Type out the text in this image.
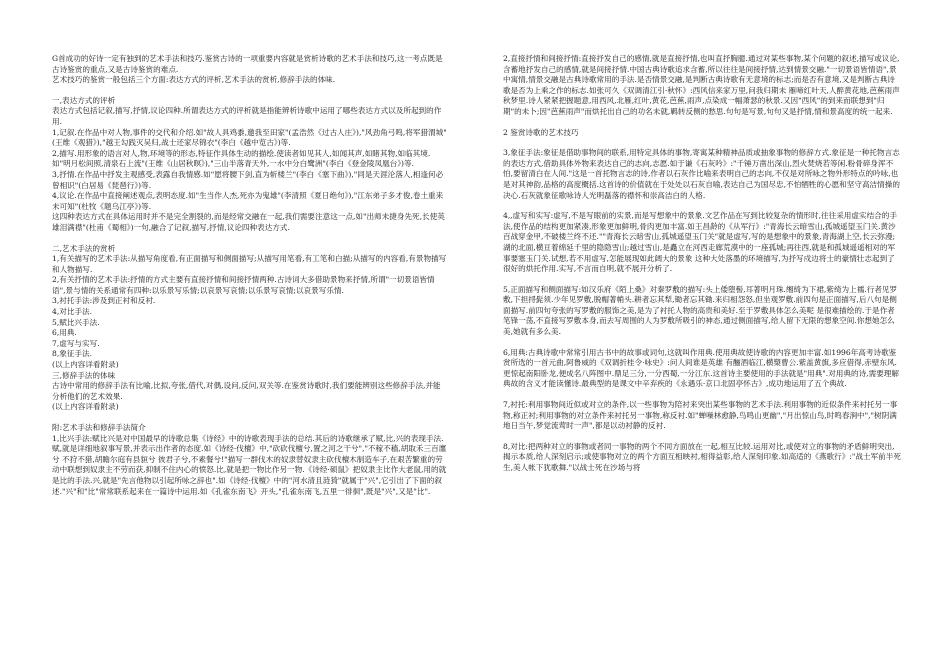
G首成功的好诗一定有独到的艺术手法和技巧.鉴赏古诗的一项重要内容就是赏析诗歌的艺术手法和技巧,这一考点既是古诗鉴赏的重点,又是古诗鉴赏的难点.
艺术技巧的鉴赏一般包括三个方面:表达方式的评析,艺术手法的赏析,修辞手法的体味.

一,表达方式的评析
表达方式包括记叙,描写,抒情,议论四种.所谓表达方式的评析就是指能辨析诗歌中运用了哪些表达方式以及所起到的作用.

1,记叙.在作品中对人物,事件的交代和介绍.如"故人具鸡黍,邀我至田家"(孟浩然《过古人庄》),"风劲角弓鸣,将军猎渭城"(王维《观猎》),"越王勾践灭吴归,战士还家尽锦衣"(李白《越中览古》)等.

2,描写.用形象的语言对人,物,环境等的形态,特征作具体生动的描绘.使读者如见其人,如闻其声,如睹其物,如临其境.如"明月松间照,清泉石上流"(王维《山居秋暝》),"三山半落青天外,一水中分白鹭洲"(李白《登金陵凤凰台》)等.

3,抒情.在作品中抒发主观感受,表露自我情感.如"愿将腰下剑,直为斩楼兰"(李白《塞下曲》),"同是天涯沦落人,相逢何必曾相识"(白居易《琵琶行》)等.

4,议论.在作品中直接阐述观点,表明态度.如"生当作人杰,死亦为鬼雄"(李清照《夏日绝句》),"江东弟子多才俊,卷土重来未可知"(杜牧《题乌江亭》)等.

这四种表达方式在具体运用时并不是完全割裂的,而是经常交融在一起,我们需要注意这一点,如"出师未捷身先死,长使英雄泪满襟"(杜甫《蜀相》)一句,融合了记叙,描写,抒情,议论四种表达方式.

二,艺术手法的赏析
1,有关描写的艺术手法:从描写角度看,有正面描写和侧面描写;从描写用笔看,有工笔和白描;从描写的内容看,有景物描写和人物描写.
2,有关抒情的艺术手法:抒情的方式主要有直接抒情和间接抒情两种.古诗词大多借助景物来抒情,所谓"一切景语皆情语",景与情的关系通常有四种:以乐景写乐情;以哀景写哀情;以乐景写哀情;以哀景写乐情.
3,衬托手法:涉及到正衬和反衬.
4,对比手法.
5,赋比兴手法.
6,用典.
7,虚写与实写.
8,象征手法.
(以上内容详看附录)
三,修辞手法的体味
古诗中常用的修辞手法有比喻,比拟,夸张,借代,对偶,设问,反问,双关等.在鉴赏诗歌时,我们要能辨别这些修辞手法,并能分析他们的艺术效果.
(以上内容详看附录)

附:艺术手法和修辞手法简介
1,比兴手法:赋比兴是对中国最早的诗歌总集《诗经》中的诗歌表现手法的总结.其后的诗歌继承了赋,比,兴的表现手法.赋,就是详细地叙事写景,并表示出作者的态度.如《诗经·伐檀》中,"砍砍伐檀兮,置之河之干兮","不稼不穑,胡取禾三百廛兮 不狩不猎,胡瞻尔庭有县貆兮 彼君子兮,不素餐兮!"描写一群伐木的奴隶替奴隶主砍伐檀木制造车子,在艰苦繁重的劳动中联想到奴隶主不劳而获,抑制不住内心的愤怒.比,就是把一物比作另一物.《诗经·硕鼠》把奴隶主比作大老鼠,用的就是比的手法.兴,就是"先言他物以引起所咏之辞也".如《诗经·伐檀》中的"河水清且涟猗"就属于"兴",它引出了下面的叙述."兴"和"比"常常联系起来在一篇诗中运用.如《孔雀东南飞》开头,"孔雀东南飞,五里一徘徊",既是"兴",又是"比".

2,直接抒情和间接抒情:直接抒发自己的感情,就是直接抒情,也叫直抒胸臆.通过对某些事物,某个问题的叙述,描写或议论,含蓄地抒发自己的感情,就是间接抒情.中国古典诗歌追求含蓄,所以往往是间接抒情,达到情景交融."一切景语皆情语",景中寓情,情景交融是古典诗歌常用的手法.是否情景交融,是判断古典诗歌有无意境的标志;而是否有意境,又是判断古典诗歌是否为上乘之作的标志.如张可久《双调清江引·秋怀》:西风信来家万里,问我归期未 雁啼红叶天,人醉黄花地,芭蕉雨声秋梦里.诗人紧紧把握题意,用西风,北雁,红叶,黄花,芭蕉,雨声,点染成一幅萧瑟的秋景.又因"西风"的到来而联想到"归期"的未卜;因"芭蕉雨声"而烘托出自己的功名未就,羁转反侧的愁思.句句是写景,句句又是抒情,情和景高度的统一起来.

2 鉴赏诗歌的艺术技巧

3,象征手法:象征是借助事物间的联系,用特定具体的事物,寄寓某种精神品质或抽象事物的修辞方式.象征是一种托物言志的表达方式,借助具体外物来表达自己的志向,志愿.如于谦《石灰吟》:"千锤万凿出深山,烈火焚烧若等闲.粉骨碎身浑不怕,要留清白在人间."这是一首托物言志的诗,作者以石灰作比喻来表明自己的志向,不仅是对所咏之物外形特点的吟咏,也是对其神韵,品格的高度概括.这首诗的价值就在于处处以石灰自喻,表达自己为国尽忠,不怕牺牲的心愿和坚守高洁情操的决心.石灰就象征歌咏诗人光明磊落的襟怀和崇高洁白的人格.

4,,虚写和实写:虚写,不是写眼前的实景,而是写想象中的景象.文艺作品在写到比较复杂的情形时,往往采用虚实结合的手法,使作品的结构更加紧凑,形象更加鲜明,骨肉更加丰富.如王昌龄的《从军行》:"青海长云暗雪山,孤城遥望玉门关.黄沙百战穿金甲,不破楼兰终不还.""青海长云暗雪山,孤城遥望玉门关"就是虚写,写的是想象中的景象,青海湖上空,长云弥漫;湖的北面,横亘着绵延千里的隐隐雪山;越过雪山,是矗立在河西走廊荒漠中的一座孤城;再往西,就是和孤城遥遥相对的军事要塞玉门关.试想,若不用虚写,怎能展现如此阔大的景象 这种大处落墨的环境描写,为抒写戍边将士的豪情壮志起到了很好的烘托作用.实写,不言而自明,就不展开分析了.

5,正面描写和侧面描写:如汉乐府《陌上桑》对秦罗敷的描写:头上倭堕髻,耳著明月珠.缃绮为下裙,紫绮为上襦.行者见罗敷,下担捋髭须.少年见罗敷,脱帽著帩头.耕者忘其犁,锄者忘其锄.来归相怨怒,但坐观罗敷.前四句是正面描写,后八句是侧面描写.前四句夸张的写罗敷的服饰之美,是为了衬托人物的高贵和美好.至于罗敷具体怎么美呢 是很难描绘的.于是作者笔锋一荡,不直接写罗敷本身,而去写周围的人为罗敷所吸引的神态,通过侧面描写,给人留下无限的想象空间.你想她怎么美,她就有多么美.

6,用典:古典诗歌中常常引用古书中的故事或词句,这就叫作用典.使用典故使诗歌的内容更加丰富.如1996年高考诗歌鉴赏所选的一首元曲,阿鲁威的《双调折桂令·咏史》:问人间谁是英雄 有酾酒临江,横槊曹公.紫盖黄旗,多应借得,赤壁东风.更惊起南阳卧龙,便成名八阵图中.鼎足三分,一分西蜀,一分江东.这首诗主要使用的手法就是"用典".对用典的诗,需要理解典故的含义才能读懂诗.最典型的是课文中辛弃疾的《永遇乐·京口北固亭怀古》,成功地运用了五个典故.

7,衬托:利用事物间近似或对立的条件,以一些事物为陪衬来突出某些事物的艺术手法.利用事物的近似条件来衬托另一事物,称正衬;利用事物的对立条件来衬托另一事物,称反衬.如"蝉噪林愈静,鸟鸣山更幽","月出惊山鸟,时鸣春涧中","树阴满地日当午,梦觉流莺时一声",都是以动衬静的反衬.

8,对比:把两种对立的事物或者同一事物的两个不同方面放在一起,相互比较.运用对比,或使对立的事物的矛盾鲜明突出,揭示本质,给人深刻启示;或使事物对立的两个方面互相映衬,相得益彰,给人深刻印象.如高适的《燕歌行》:"战士军前半死生,美人帐下犹歌舞."以战士死在沙场与将
